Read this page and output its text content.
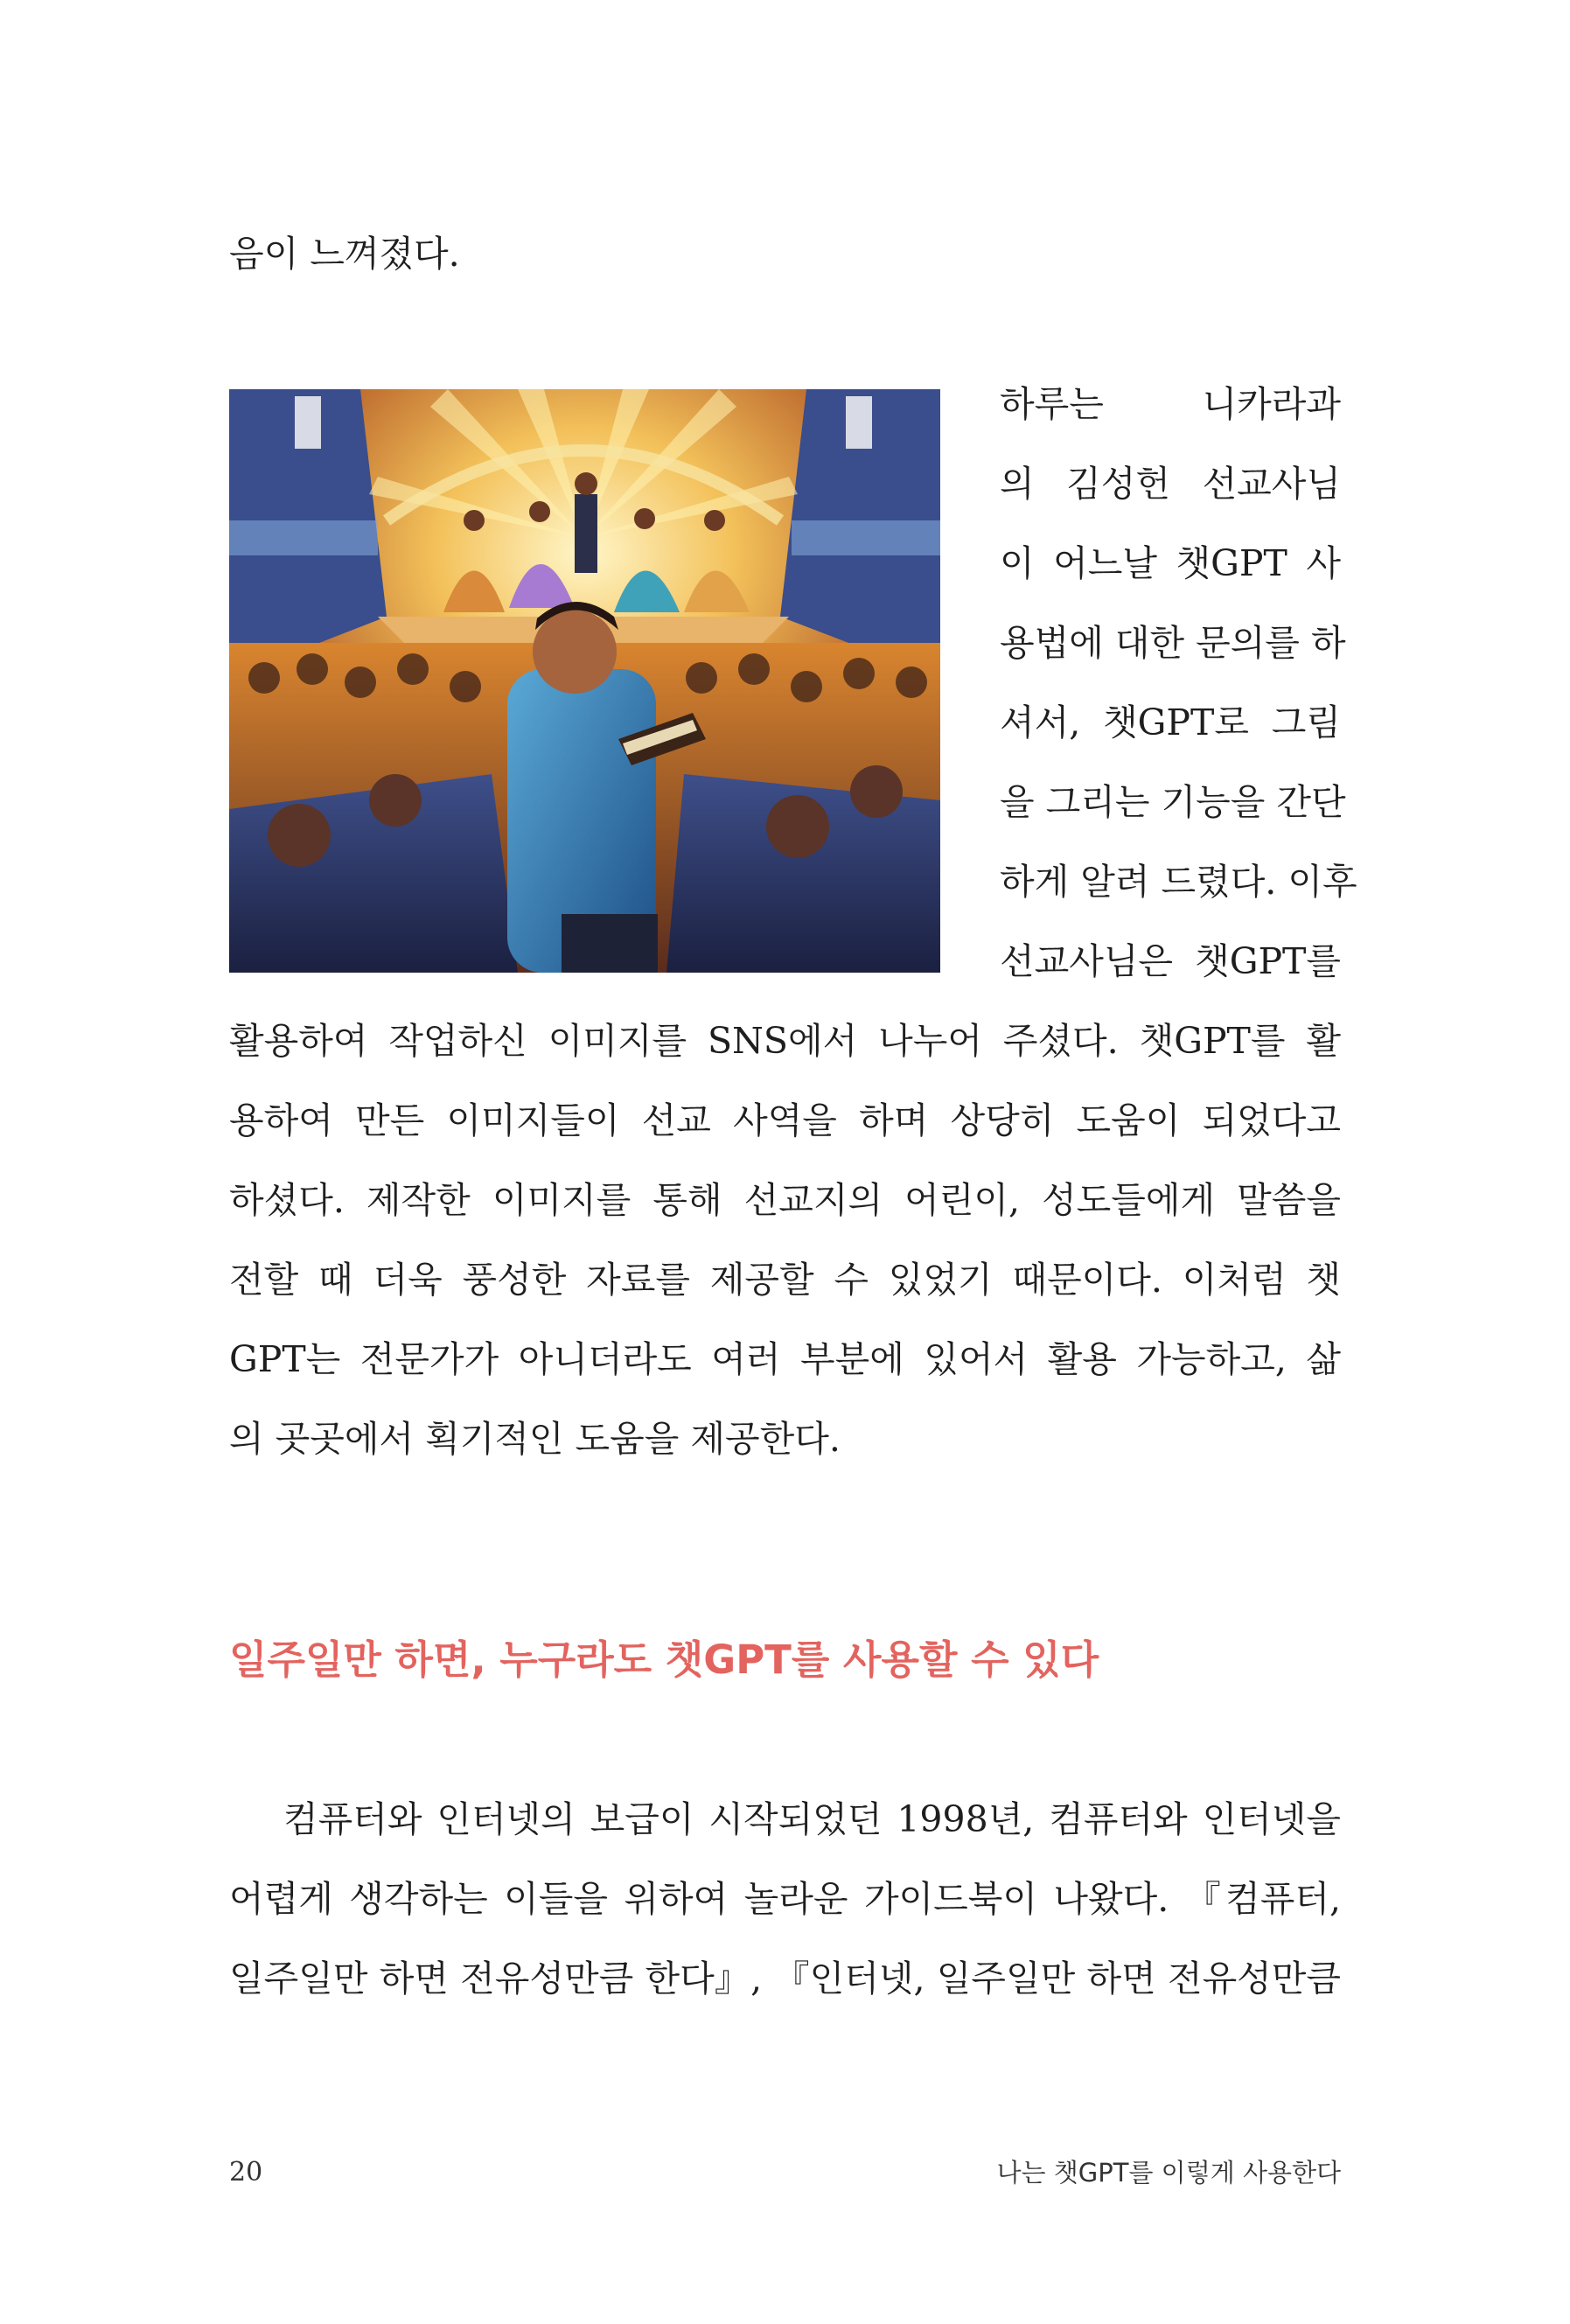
음이 느껴졌다.
하루는 니카라과
의 김성헌 선교사님
이 어느날 챗GPT 사
용법에 대한 문의를 하
셔서, 챗GPT로 그림
을 그리는 기능을 간단
하게 알려 드렸다. 이후
선교사님은 챗GPT를
활용하여 작업하신 이미지를 SNS에서 나누어 주셨다. 챗GPT를 활
용하여 만든 이미지들이 선교 사역을 하며 상당히 도움이 되었다고
하셨다. 제작한 이미지를 통해 선교지의 어린이, 성도들에게 말씀을
전할 때 더욱 풍성한 자료를 제공할 수 있었기 때문이다. 이처럼 챗
GPT는 전문가가 아니더라도 여러 부분에 있어서 활용 가능하고, 삶
의 곳곳에서 획기적인 도움을 제공한다.
일주일만 하면, 누구라도 챗GPT를 사용할 수 있다
컴퓨터와 인터넷의 보급이 시작되었던 1998년, 컴퓨터와 인터넷을
어렵게 생각하는 이들을 위하여 놀라운 가이드북이 나왔다. 『컴퓨터,
일주일만 하면 전유성만큼 한다』, 『인터넷, 일주일만 하면 전유성만큼
20	나는 챗GPT를 이렇게 사용한다
